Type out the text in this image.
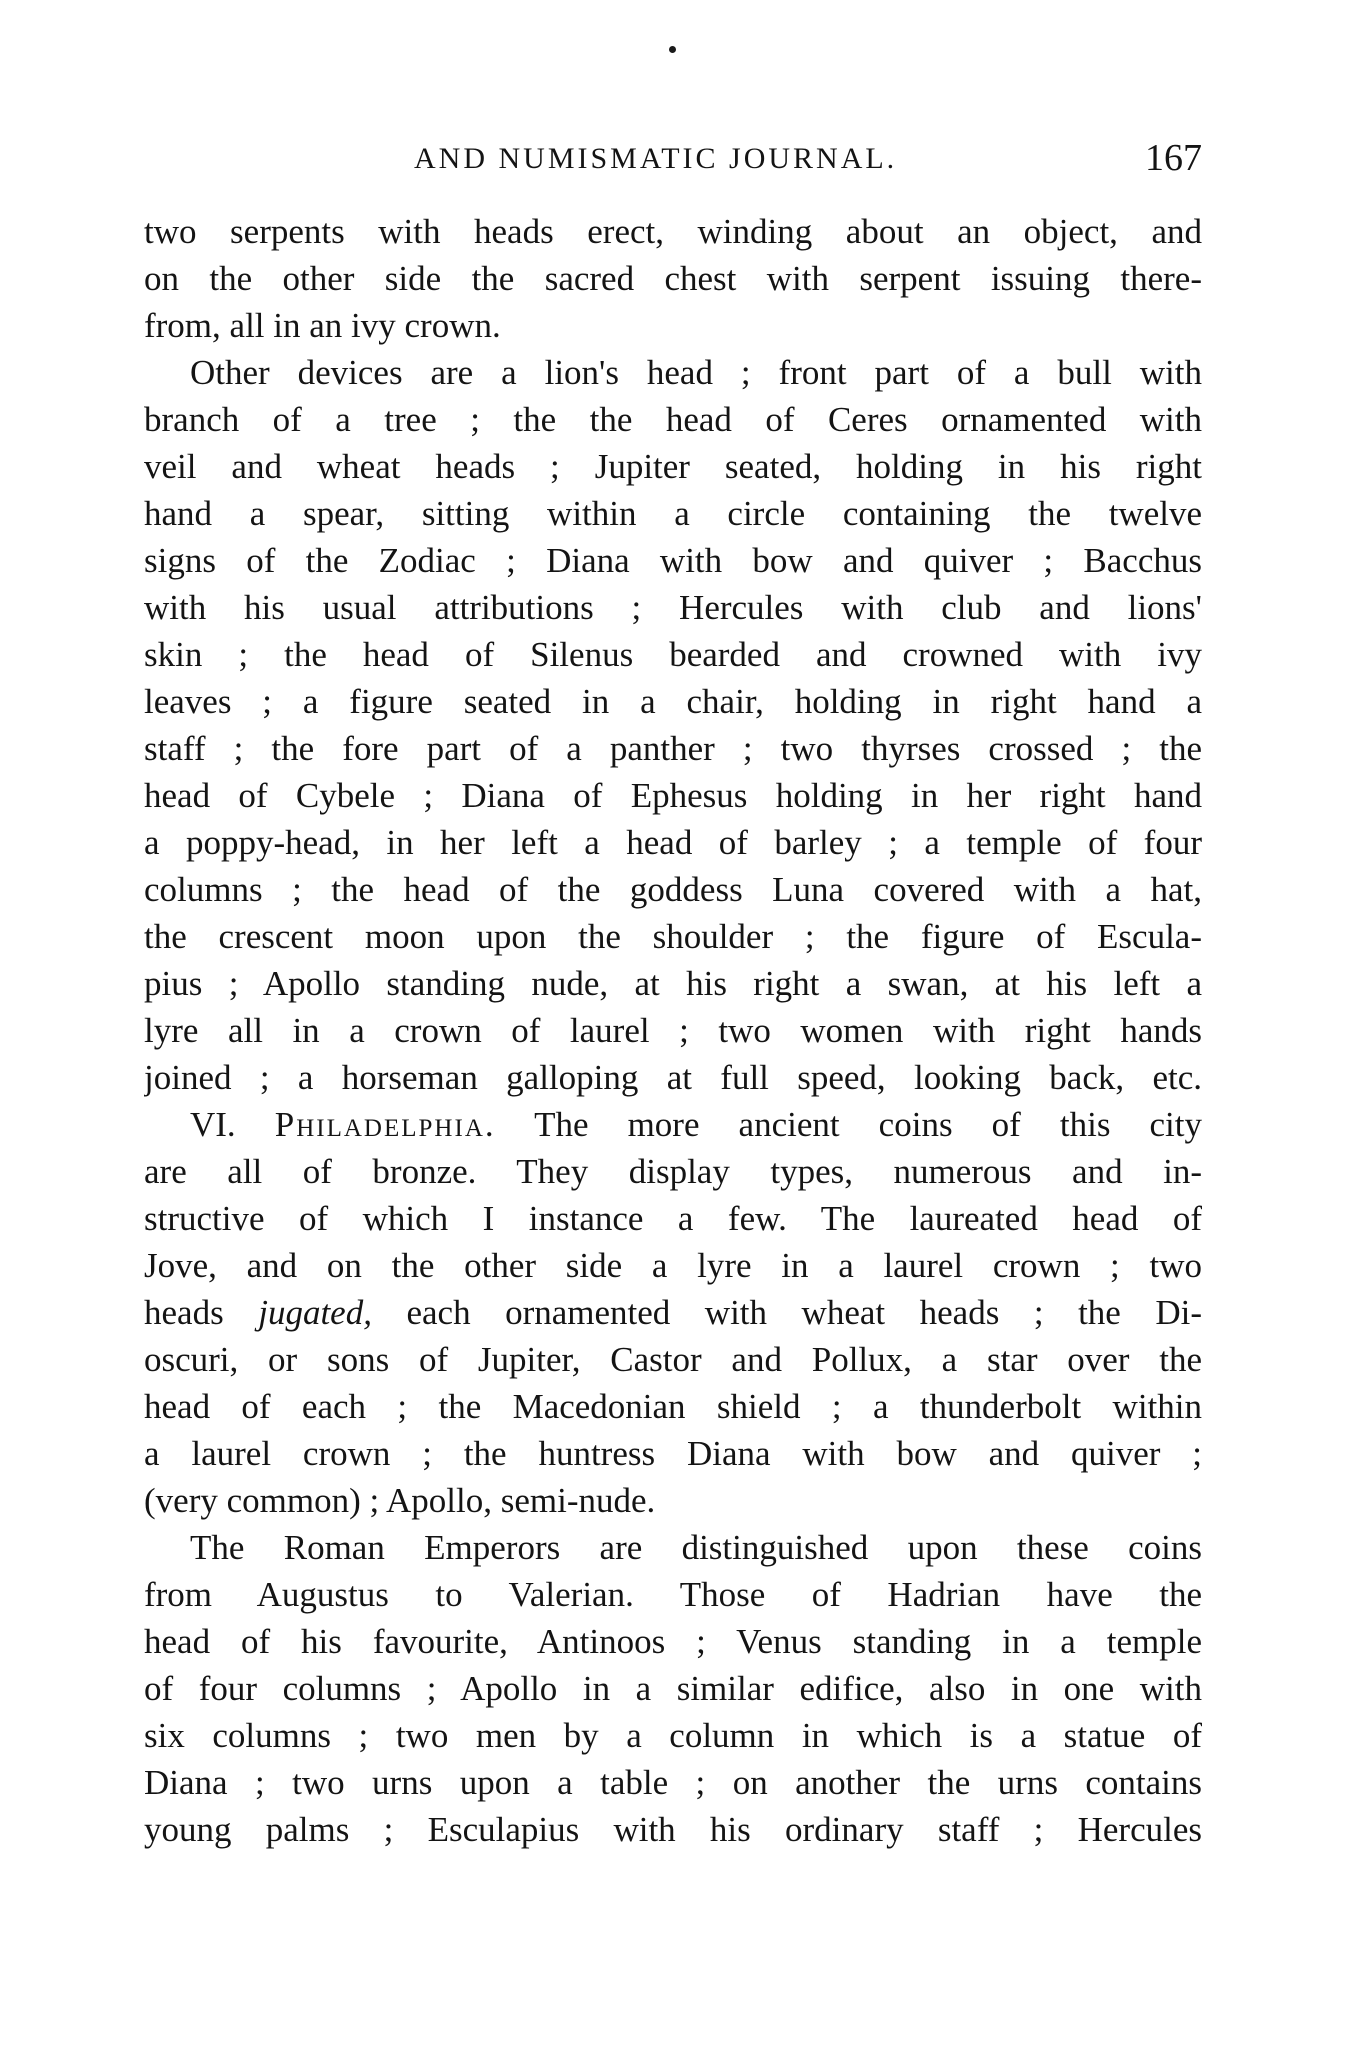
AND NUMISMATIC JOURNAL.	167
two serpents with heads erect, winding about an object, and
on the other side the sacred chest with serpent issuing there-
from, all in an ivy crown.
Other devices are a lion's head ; front part of a bull with
branch of a tree ; the the head of Ceres ornamented with
veil and wheat heads ; Jupiter seated, holding in his right
hand a spear, sitting within a circle containing the twelve
signs of the Zodiac ; Diana with bow and quiver ; Bacchus
with his usual attributions ; Hercules with club and lions'
skin ; the head of Silenus bearded and crowned with ivy
leaves ; a figure seated in a chair, holding in right hand a
staff ; the fore part of a panther ; two thyrses crossed ; the
head of Cybele ; Diana of Ephesus holding in her right hand
a poppy-head, in her left a head of barley ; a temple of four
columns ; the head of the goddess Luna covered with a hat,
the crescent moon upon the shoulder ; the figure of Escula-
pius ; Apollo standing nude, at his right a swan, at his left a
lyre all in a crown of laurel ; two women with right hands
joined ; a horseman galloping at full speed, looking back, etc.
VI. Philadelphia. The more ancient coins of this city
are all of bronze. They display types, numerous and in-
structive of which I instance a few. The laureated head of
Jove, and on the other side a lyre in a laurel crown ; two
heads jugated, each ornamented with wheat heads ; the Di-
oscuri, or sons of Jupiter, Castor and Pollux, a star over the
head of each ; the Macedonian shield ; a thunderbolt within
a laurel crown ; the huntress Diana with bow and quiver ;
(very common) ; Apollo, semi-nude.
The Roman Emperors are distinguished upon these coins
from Augustus to Valerian. Those of Hadrian have the
head of his favourite, Antinoos ; Venus standing in a temple
of four columns ; Apollo in a similar edifice, also in one with
six columns ; two men by a column in which is a statue of
Diana ; two urns upon a table ; on another the urns contains
young palms ; Esculapius with his ordinary staff ; Hercules
